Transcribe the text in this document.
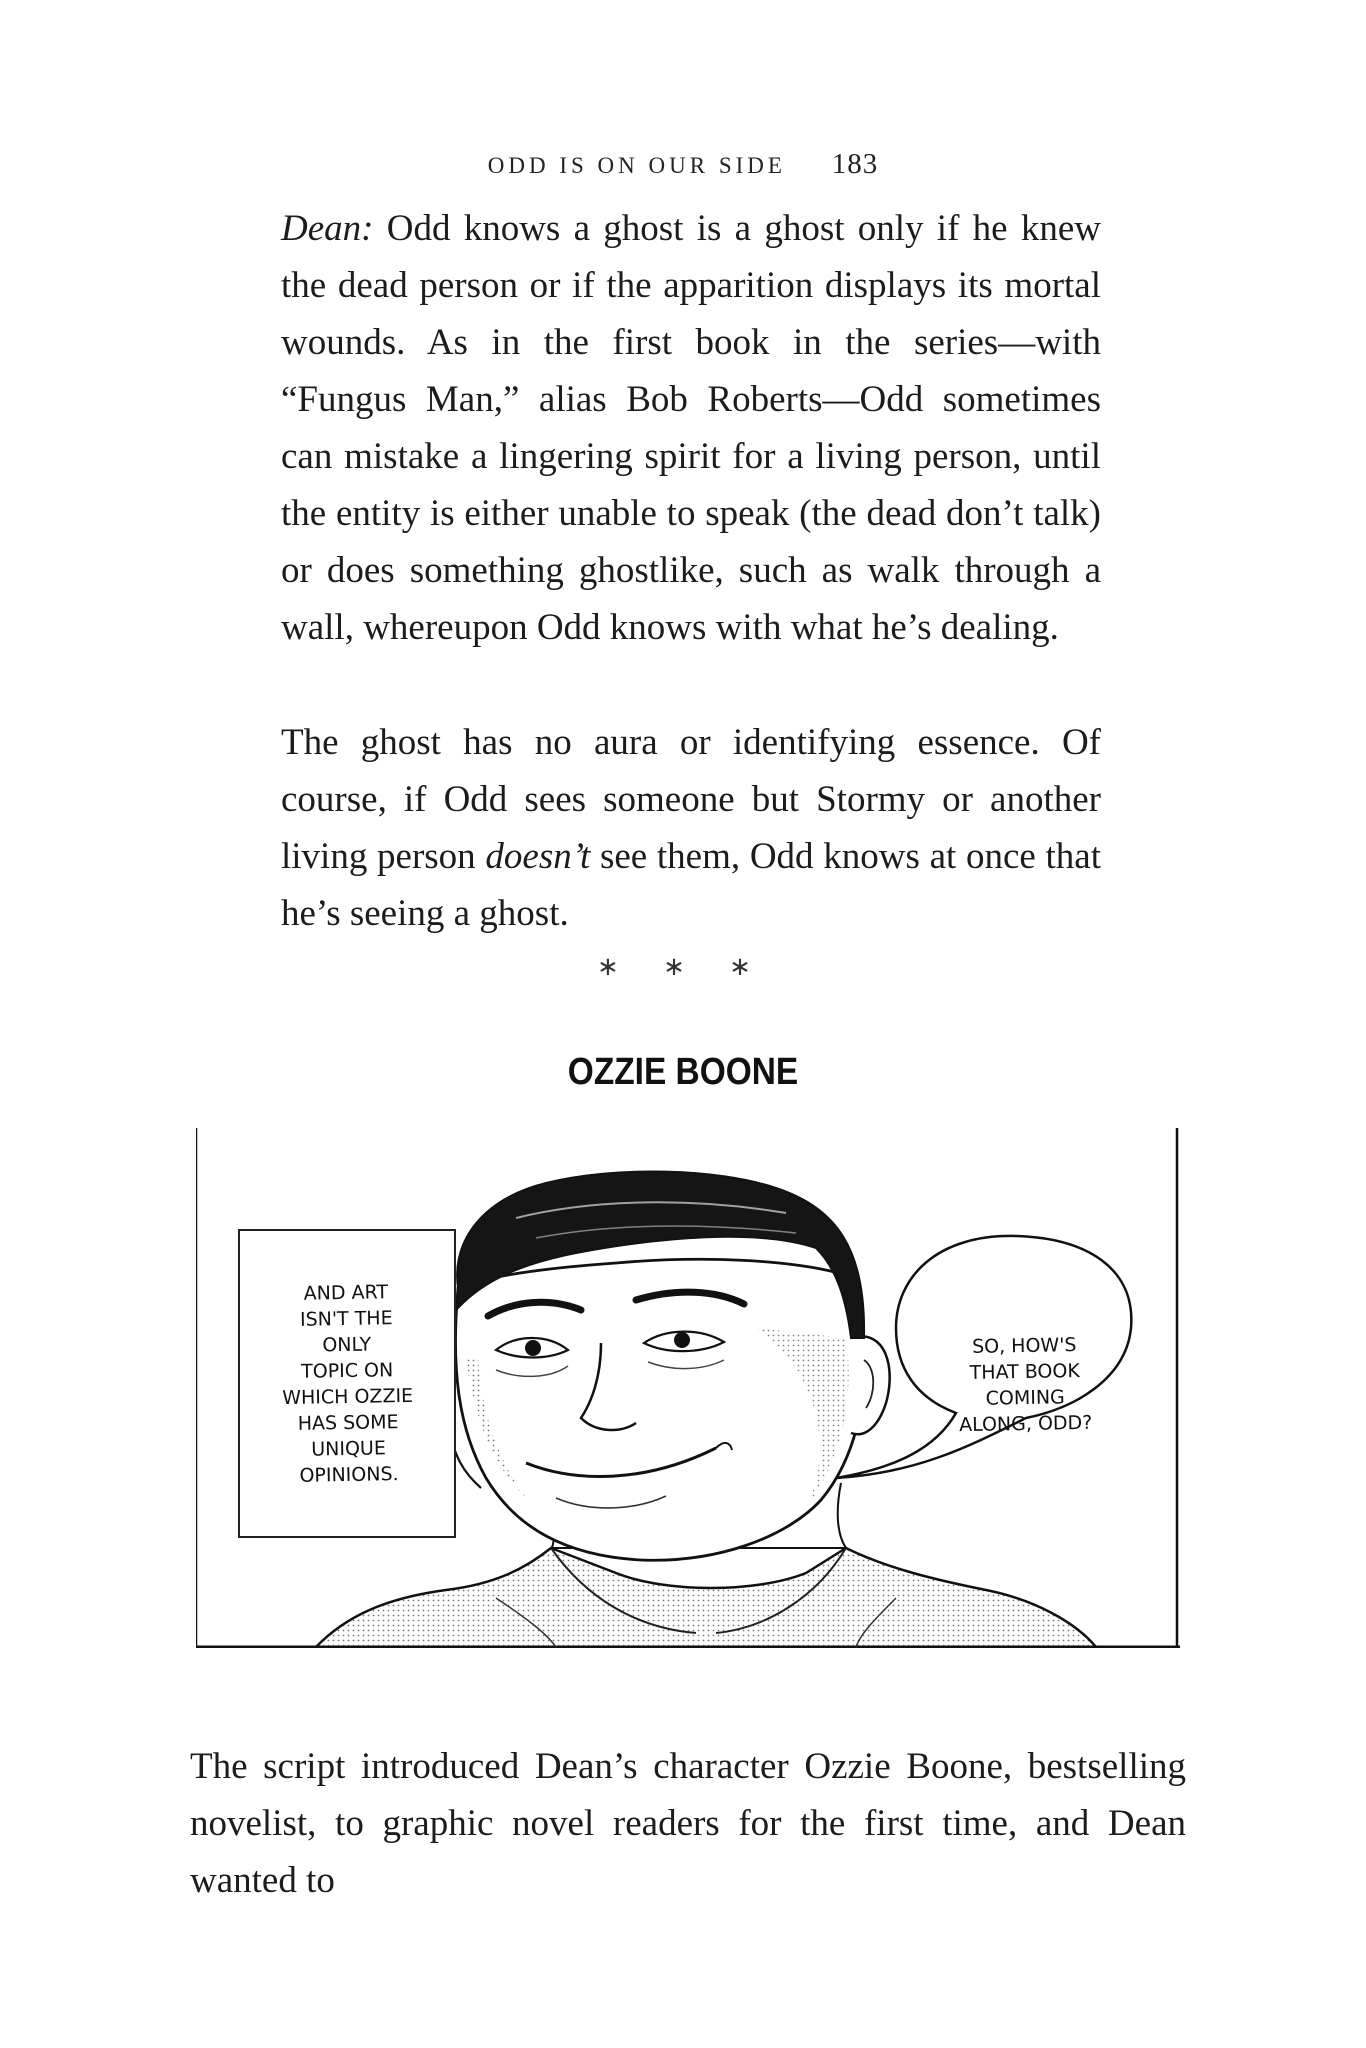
ODD IS ON OUR SIDE 183

Dean: Odd knows a ghost is a ghost only if he knew the dead person or if the apparition displays its mortal wounds. As in the first book in the series—with “Fungus Man,” alias Bob Roberts—Odd sometimes can mistake a lingering spirit for a living person, until the entity is either unable to speak (the dead don’t talk) or does something ghostlike, such as walk through a wall, whereupon Odd knows with what he’s dealing.

The ghost has no aura or identifying essence. Of course, if Odd sees someone but Stormy or another living person doesn’t see them, Odd knows at once that he’s seeing a ghost.

∗ ∗ ∗
OZZIE BOONE
AND ART
ISN'T THE
ONLY
TOPIC ON
WHICH OZZIE
HAS SOME
UNIQUE
OPINIONS.
SO, HOW'S
THAT BOOK
COMING
ALONG, ODD?

The script introduced Dean’s character Ozzie Boone, bestselling novelist, to graphic novel readers for the first time, and Dean wanted to
